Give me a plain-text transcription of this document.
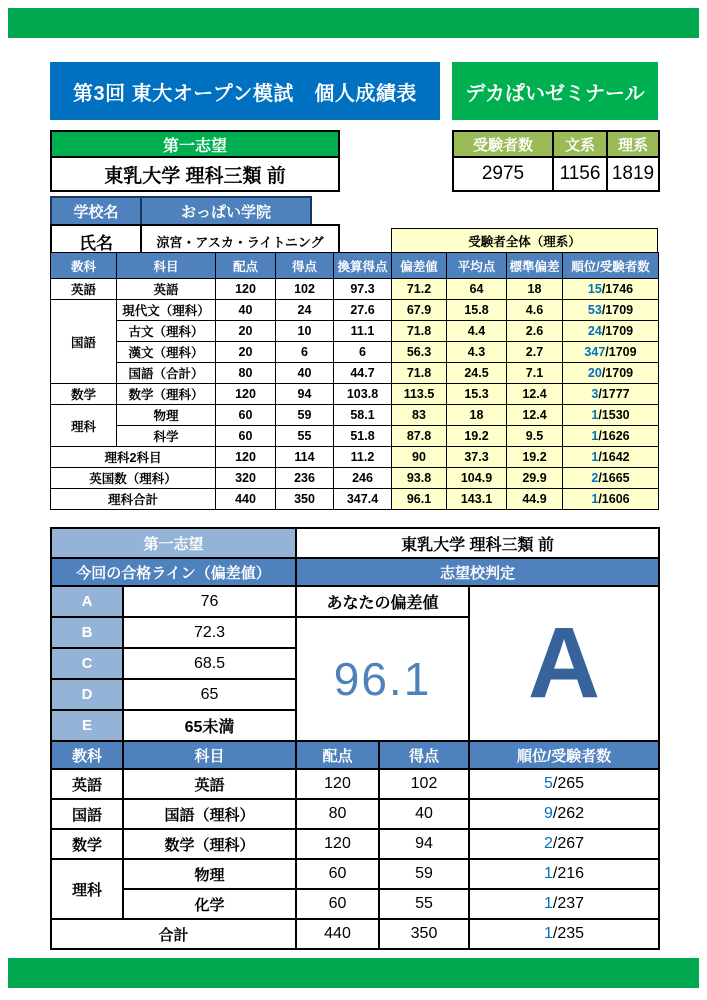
第3回 東大オープン模試　個人成績表	デカぱいゼミナール
第一志望
東乳大学 理科三類 前
受験者数	文系	理系
2975	1156	1819
学校名	おっぱい学院
氏名	涼宮・アスカ・ライトニング	受験者全体（理系）
教科	科目	配点	得点	換算得点	偏差値	平均点	標準偏差	順位/受験者数
英語	英語	120	102	97.3	71.2	64	18	15/1746
国語	現代文（理科）	40	24	27.6	67.9	15.8	4.6	53/1709
	古文（理科）	20	10	11.1	71.8	4.4	2.6	24/1709
	漢文（理科）	20	6	6	56.3	4.3	2.7	347/1709
	国語（合計）	80	40	44.7	71.8	24.5	7.1	20/1709
数学	数学（理科）	120	94	103.8	113.5	15.3	12.4	3/1777
理科	物理	60	59	58.1	83	18	12.4	1/1530
	科学	60	55	51.8	87.8	19.2	9.5	1/1626
理科2科目		120	114	11.2	90	37.3	19.2	1/1642
英国数（理科）		320	236	246	93.8	104.9	29.9	2/1665
理科合計		440	350	347.4	96.1	143.1	44.9	1/1606
第一志望		東乳大学 理科三類 前		
今回の合格ライン（偏差値）		志望校判定		
A	76	あなたの偏差値		A
B	72.3	96.1		
C	68.5			
D	65			
E	65未満			
教科	科目	配点	得点	順位/受験者数
英語	英語	120	102	5/265
国語	国語（理科）	80	40	9/262
数学	数学（理科）	120	94	2/267
理科	物理	60	59	1/216
	化学	60	55	1/237
合計		440	350	1/235
